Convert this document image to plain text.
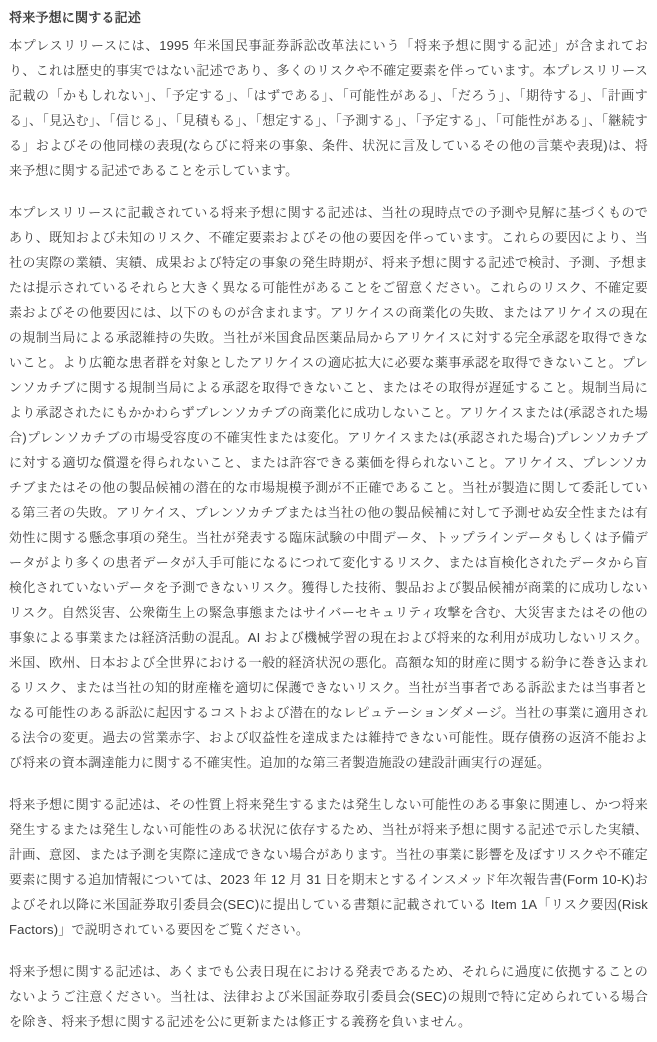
将来予想に関する記述

本プレスリリースには、1995 年米国民事証券訴訟改革法にいう「将来予想に関する記述」が含まれており、これは歴史的事実ではない記述であり、多くのリスクや不確定要素を伴っています。本プレスリリース記載の「かもしれない」、「予定する」、「はずである」、「可能性がある」、「だろう」、「期待する」、「計画する」、「見込む」、「信じる」、「見積もる」、「想定する」、「予測する」、「予定する」、「可能性がある」、「継続する」およびその他同様の表現(ならびに将来の事象、条件、状況に言及しているその他の言葉や表現)は、将来予想に関する記述であることを示しています。

本プレスリリースに記載されている将来予想に関する記述は、当社の現時点での予測や見解に基づくものであり、既知および未知のリスク、不確定要素およびその他の要因を伴っています。これらの要因により、当社の実際の業績、実績、成果および特定の事象の発生時期が、将来予想に関する記述で検討、予測、予想または提示されているそれらと大きく異なる可能性があることをご留意ください。これらのリスク、不確定要素およびその他要因には、以下のものが含まれます。アリケイスの商業化の失敗、またはアリケイスの現在の規制当局による承認維持の失敗。当社が米国食品医薬品局からアリケイスに対する完全承認を取得できないこと。より広範な患者群を対象としたアリケイスの適応拡大に必要な薬事承認を取得できないこと。プレンソカチブに関する規制当局による承認を取得できないこと、またはその取得が遅延すること。規制当局により承認されたにもかかわらずプレンソカチブの商業化に成功しないこと。アリケイスまたは(承認された場合)プレンソカチブの市場受容度の不確実性または変化。アリケイスまたは(承認された場合)プレンソカチブに対する適切な償還を得られないこと、または許容できる薬価を得られないこと。アリケイス、プレンソカチブまたはその他の製品候補の潜在的な市場規模予測が不正確であること。当社が製造に関して委託している第三者の失敗。アリケイス、プレンソカチブまたは当社の他の製品候補に対して予測せぬ安全性または有効性に関する懸念事項の発生。当社が発表する臨床試験の中間データ、トップラインデータもしくは予備データがより多くの患者データが入手可能になるにつれて変化するリスク、または盲検化されたデータから盲検化されていないデータを予測できないリスク。獲得した技術、製品および製品候補が商業的に成功しないリスク。自然災害、公衆衛生上の緊急事態またはサイバーセキュリティ攻撃を含む、大災害またはその他の事象による事業または経済活動の混乱。AI および機械学習の現在および将来的な利用が成功しないリスク。米国、欧州、日本および全世界における一般的経済状況の悪化。高額な知的財産に関する紛争に巻き込まれるリスク、または当社の知的財産権を適切に保護できないリスク。当社が当事者である訴訟または当事者となる可能性のある訴訟に起因するコストおよび潜在的なレピュテーションダメージ。当社の事業に適用される法令の変更。過去の営業赤字、および収益性を達成または維持できない可能性。既存債務の返済不能および将来の資本調達能力に関する不確実性。追加的な第三者製造施設の建設計画実行の遅延。

将来予想に関する記述は、その性質上将来発生するまたは発生しない可能性のある事象に関連し、かつ将来発生するまたは発生しない可能性のある状況に依存するため、当社が将来予想に関する記述で示した実績、計画、意図、または予測を実際に達成できない場合があります。当社の事業に影響を及ぼすリスクや不確定要素に関する追加情報については、2023 年 12 月 31 日を期末とするインスメッド年次報告書(Form 10-K)およびそれ以降に米国証券取引委員会(SEC)に提出している書類に記載されている Item 1A「リスク要因(Risk Factors)」で説明されている要因をご覧ください。

将来予想に関する記述は、あくまでも公表日現在における発表であるため、それらに過度に依拠することのないようご注意ください。当社は、法律および米国証券取引委員会(SEC)の規則で特に定められている場合を除き、将来予想に関する記述を公に更新または修正する義務を負いません。
